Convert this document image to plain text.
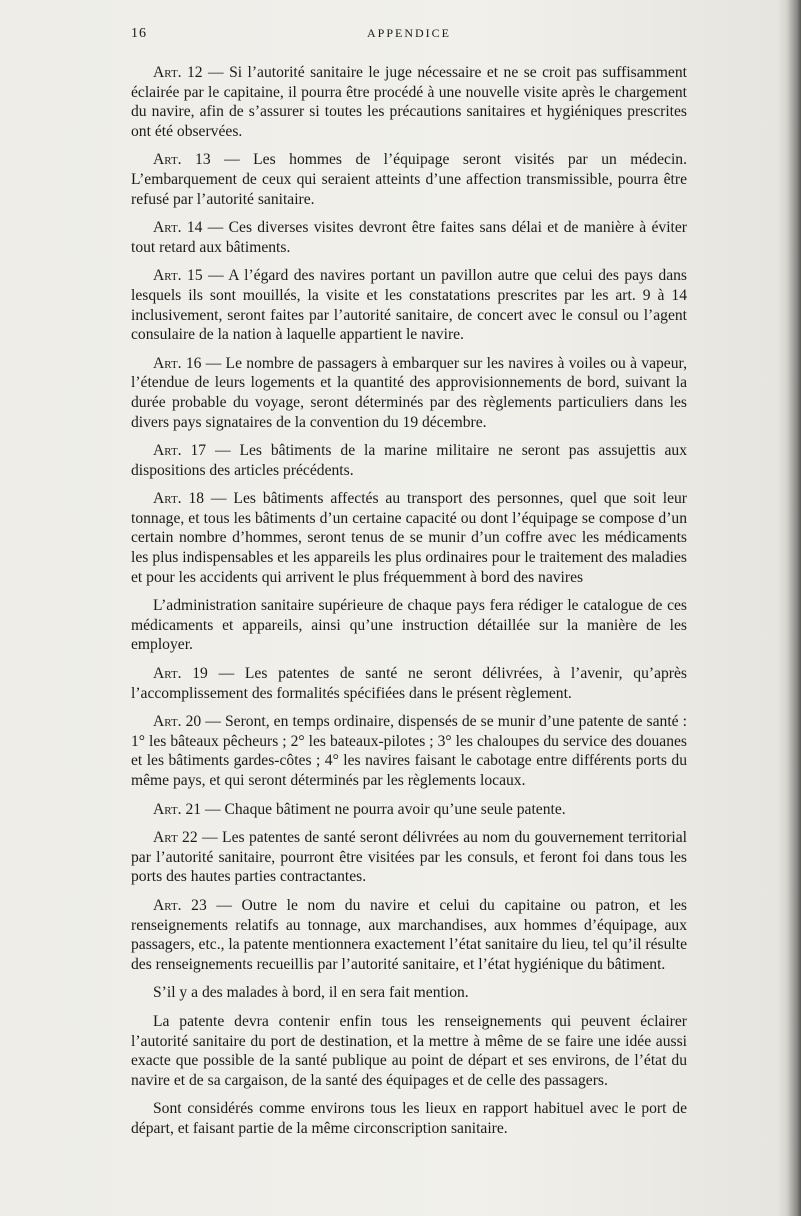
16	APPENDICE

Art. 12 — Si l’autorité sanitaire le juge nécessaire et ne se croit pas suffisamment éclairée par le capitaine, il pourra être procédé à une nouvelle visite après le chargement du navire, afin de s’assurer si toutes les précautions sanitaires et hygiéniques prescrites ont été observées.

Art. 13 — Les hommes de l’équipage seront visités par un médecin. L’embarquement de ceux qui seraient atteints d’une affection transmissible, pourra être refusé par l’autorité sanitaire.

Art. 14 — Ces diverses visites devront être faites sans délai et de manière à éviter tout retard aux bâtiments.

Art. 15 — A l’égard des navires portant un pavillon autre que celui des pays dans lesquels ils sont mouillés, la visite et les constatations prescrites par les art. 9 à 14 inclusivement, seront faites par l’autorité sanitaire, de concert avec le consul ou l’agent consulaire de la nation à laquelle appartient le navire.

Art. 16 — Le nombre de passagers à embarquer sur les navires à voiles ou à vapeur, l’étendue de leurs logements et la quantité des approvisionnements de bord, suivant la durée probable du voyage, seront déterminés par des règlements particuliers dans les divers pays signataires de la convention du 19 décembre.

Art. 17 — Les bâtiments de la marine militaire ne seront pas assujettis aux dispositions des articles précédents.

Art. 18 — Les bâtiments affectés au transport des personnes, quel que soit leur tonnage, et tous les bâtiments d’un certaine capacité ou dont l’équipage se compose d’un certain nombre d’hommes, seront tenus de se munir d’un coffre avec les médicaments les plus indispensables et les appareils les plus ordinaires pour le traitement des maladies et pour les accidents qui arrivent le plus fréquemment à bord des navires

L’administration sanitaire supérieure de chaque pays fera rédiger le catalogue de ces médicaments et appareils, ainsi qu’une instruction détaillée sur la manière de les employer.

Art. 19 — Les patentes de santé ne seront délivrées, à l’avenir, qu’après l’accomplissement des formalités spécifiées dans le présent règlement.

Art. 20 — Seront, en temps ordinaire, dispensés de se munir d’une patente de santé : 1° les bâteaux pêcheurs ; 2° les bateaux-pilotes ; 3° les chaloupes du service des douanes et les bâtiments gardes-côtes ; 4° les navires faisant le cabotage entre différents ports du même pays, et qui seront déterminés par les règlements locaux.

Art. 21 — Chaque bâtiment ne pourra avoir qu’une seule patente.

Art 22 — Les patentes de santé seront délivrées au nom du gouvernement territorial par l’autorité sanitaire, pourront être visitées par les consuls, et feront foi dans tous les ports des hautes parties contractantes.

Art. 23 — Outre le nom du navire et celui du capitaine ou patron, et les renseignements relatifs au tonnage, aux marchandises, aux hommes d’équipage, aux passagers, etc., la patente mentionnera exactement l’état sanitaire du lieu, tel qu’il résulte des renseignements recueillis par l’autorité sanitaire, et l’état hygiénique du bâtiment.

S’il y a des malades à bord, il en sera fait mention.

La patente devra contenir enfin tous les renseignements qui peuvent éclairer l’autorité sanitaire du port de destination, et la mettre à même de se faire une idée aussi exacte que possible de la santé publique au point de départ et ses environs, de l’état du navire et de sa cargaison, de la santé des équipages et de celle des passagers.

Sont considérés comme environs tous les lieux en rapport habituel avec le port de départ, et faisant partie de la même circonscription sanitaire.
